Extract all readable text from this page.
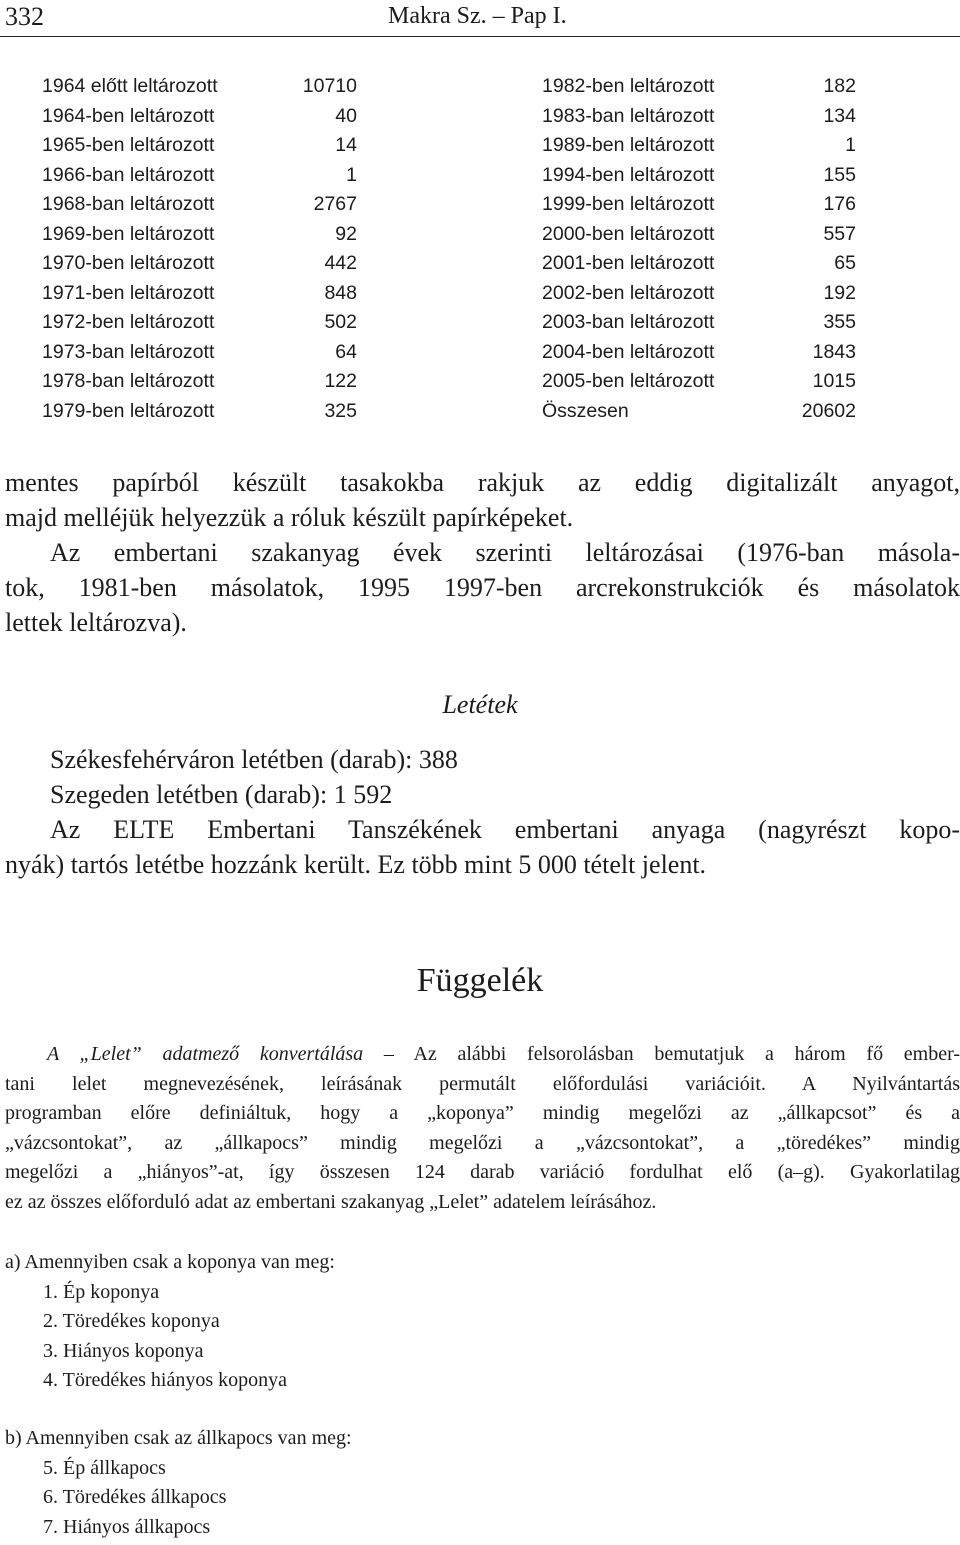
332	Makra Sz. – Pap I.
1964 előtt leltározott	10710
1964-ben leltározott	40
1965-ben leltározott	14
1966-ban leltározott	1
1968-ban leltározott	2767
1969-ben leltározott	92
1970-ben leltározott	442
1971-ben leltározott	848
1972-ben leltározott	502
1973-ban leltározott	64
1978-ban leltározott	122
1979-ben leltározott	325
1982-ben leltározott	182
1983-ban leltározott	134
1989-ben leltározott	1
1994-ben leltározott	155
1999-ben leltározott	176
2000-ben leltározott	557
2001-ben leltározott	65
2002-ben leltározott	192
2003-ban leltározott	355
2004-ben leltározott	1843
2005-ben leltározott	1015
Összesen	20602
mentes papírból készült tasakokba rakjuk az eddig digitalizált anyagot,
majd melléjük helyezzük a róluk készült papírképeket.
Az embertani szakanyag évek szerinti leltározásai (1976-ban másola-
tok, 1981-ben másolatok, 1995 1997-ben arcrekonstrukciók és másolatok
lettek leltározva).
Letétek
Székesfehérváron letétben (darab): 388
Szegeden letétben (darab): 1 592
Az ELTE Embertani Tanszékének embertani anyaga (nagyrészt kopo-
nyák) tartós letétbe hozzánk került. Ez több mint 5 000 tételt jelent.
Függelék
A „Lelet” adatmező konvertálása – Az alábbi felsorolásban bemutatjuk a három fő ember-
tani lelet megnevezésének, leírásának permutált előfordulási variációit. A Nyilvántartás
programban előre definiáltuk, hogy a „koponya” mindig megelőzi az „állkapcsot” és a
„vázcsontokat”, az „állkapocs” mindig megelőzi a „vázcsontokat”, a „töredékes” mindig
megelőzi a „hiányos”-at, így összesen 124 darab variáció fordulhat elő (a–g). Gyakorlatilag
ez az összes előforduló adat az embertani szakanyag „Lelet” adatelem leírásához.
a) Amennyiben csak a koponya van meg:
1. Ép koponya
2. Töredékes koponya
3. Hiányos koponya
4. Töredékes hiányos koponya
b) Amennyiben csak az állkapocs van meg:
5. Ép állkapocs
6. Töredékes állkapocs
7. Hiányos állkapocs
